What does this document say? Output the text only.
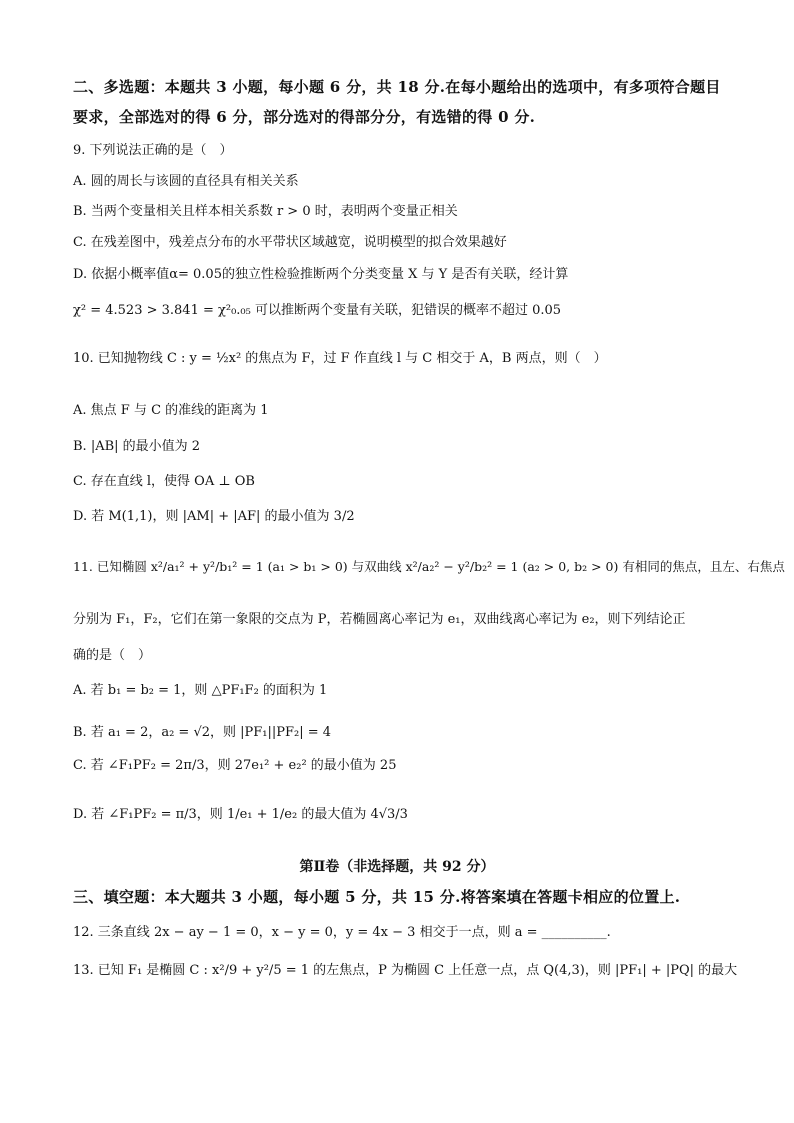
二、多选题：本题共 3 小题，每小题 6 分，共 18 分.在每小题给出的选项中，有多项符合题目
要求，全部选对的得 6 分，部分选对的得部分分，有选错的得 0 分.
9. 下列说法正确的是（　）
A. 圆的周长与该圆的直径具有相关关系
B. 当两个变量相关且样本相关系数 r > 0 时，表明两个变量正相关
C. 在残差图中，残差点分布的水平带状区域越宽，说明模型的拟合效果越好
D. 依据小概率值α= 0.05的独立性检验推断两个分类变量 X 与 Y 是否有关联，经计算
χ² = 4.523 > 3.841 = χ²₀.₀₅ 可以推断两个变量有关联，犯错误的概率不超过 0.05
10. 已知抛物线 C : y = ½x² 的焦点为 F，过 F 作直线 l 与 C 相交于 A，B 两点，则（　）
A. 焦点 F 与 C 的准线的距离为 1
B. |AB| 的最小值为 2
C. 存在直线 l，使得 OA ⊥ OB
D. 若 M(1,1)，则 |AM| + |AF| 的最小值为 3/2
11. 已知椭圆 x²/a₁² + y²/b₁² = 1 (a₁ > b₁ > 0) 与双曲线 x²/a₂² − y²/b₂² = 1 (a₂ > 0, b₂ > 0) 有相同的焦点，且左、右焦点
分别为 F₁，F₂，它们在第一象限的交点为 P，若椭圆离心率记为 e₁，双曲线离心率记为 e₂，则下列结论正
确的是（　）
A. 若 b₁ = b₂ = 1，则 △PF₁F₂ 的面积为 1
B. 若 a₁ = 2，a₂ = √2，则 |PF₁||PF₂| = 4
C. 若 ∠F₁PF₂ = 2π/3，则 27e₁² + e₂² 的最小值为 25
D. 若 ∠F₁PF₂ = π/3，则 1/e₁ + 1/e₂ 的最大值为 4√3/3
第Ⅱ卷（非选择题，共 92 分）
三、填空题：本大题共 3 小题，每小题 5 分，共 15 分.将答案填在答题卡相应的位置上.
12. 三条直线 2x − ay − 1 = 0，x − y = 0，y = 4x − 3 相交于一点，则 a = __________.
13. 已知 F₁ 是椭圆 C : x²/9 + y²/5 = 1 的左焦点，P 为椭圆 C 上任意一点，点 Q(4,3)，则 |PF₁| + |PQ| 的最大
